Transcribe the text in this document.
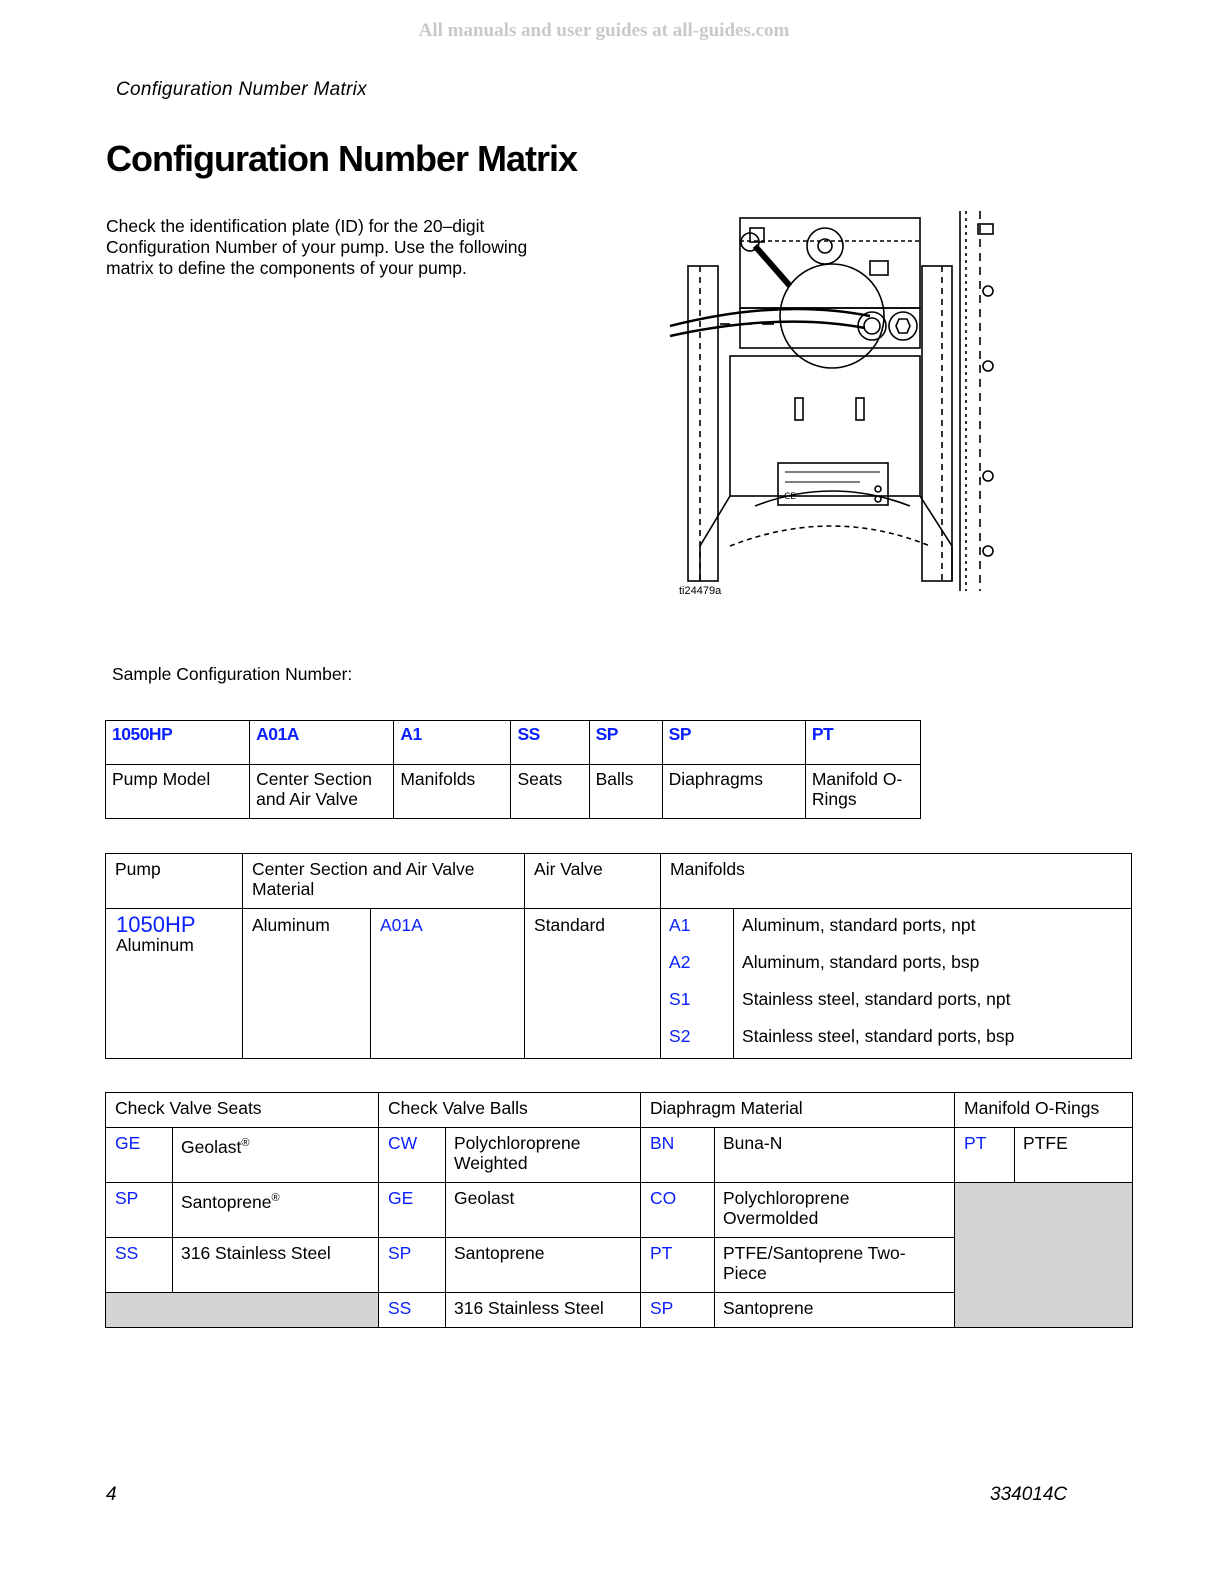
All manuals and user guides at all-guides.com
Configuration Number Matrix
Configuration Number Matrix

Check the identification plate (ID) for the 20–digit Configuration Number of your pump. Use the following matrix to define the components of your pump.

CE
ti24479a
Sample Configuration Number:
1050HP	A01A	A1	SS	SP	SP	PT
Pump Model	Center Section and Air Valve	Manifolds	Seats	Balls	Diaphragms	Manifold O-Rings
Pump	Center Section and Air Valve Material		Air Valve	Manifolds	

1050HP
Aluminum	Aluminum	A01A	Standard	A1	Aluminum, standard ports, npt
				A2	Aluminum, standard ports, bsp
				S1	Stainless steel, standard ports, npt
				S2	Stainless steel, standard ports, bsp
Check Valve Seats		Check Valve Balls		Diaphragm Material		Manifold O-Rings	
GE	Geolast®	CW	Polychloroprene Weighted	BN	Buna-N	PT	PTFE
SP	Santoprene®	GE	Geolast	CO	Polychloroprene Overmolded		
SS	316 Stainless Steel	SP	Santoprene	PT	PTFE/Santoprene Two-Piece		
		SS	316 Stainless Steel	SP	Santoprene		
4	334014C
